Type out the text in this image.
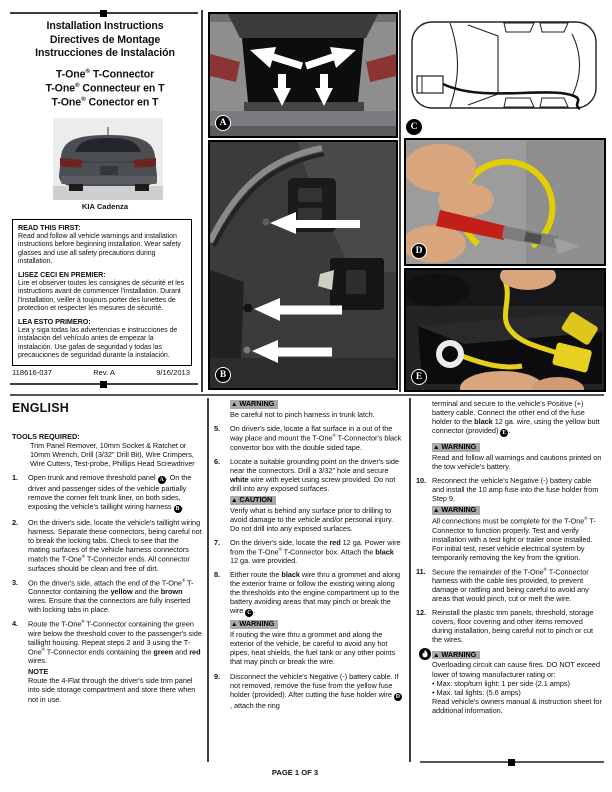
Installation Instructions
Directives de Montage
Instrucciones de Instalación
T-One® T-Connector
T-One® Connecteur en T
T-One® Conector en T
KIA Cadenza
READ THIS FIRST:
Read and follow all vehicle warnings and installation instructions before beginning installation. Wear safety glasses and use all safety precautions during installation.
LISEZ CECI EN PREMIER:
Lire et observer toutes les consignes de sécurité et les instructions avant de commencer l'installation. Durant l'installation, veiller à toujours porter des lunettes de protection et respecter les mesures de sécurité.
LEA ESTO PRIMERO:
Lea y siga todas las advertencias e instrucciones de instalación del vehículo antes de empezar la instalación. Use gafas de seguridad y todas las precauciones de seguridad durante la instalación.
118616-037	Rev. A	9/16/2013
A
B
C
D
E
ENGLISH
TOOLS REQUIRED:
Trim Panel Remover, 10mm Socket & Ratchet or 10mm Wrench, Drill (3/32" Drill Bit), Wire Crimpers, Wire Cutters, Test-probe, Phillips Head Screwdriver
1.	Open trunk and remove threshold panel A . On the driver and passenger sides of the vehicle partially remove the corner felt trunk liner, on both sides, exposing the vehicle's taillight wiring harness B .
2.	On the driver's side, locate the vehicle's taillight wiring harness. Separate these connectors, being careful not to break the locking tabs. Check to see that the mating surfaces of the vehicle harness connectors match the T-One® T-Connector ends. All connector surfaces should be clean and free of dirt.
3.	On the driver's side, attach the end of the T-One® T-Connector containing the yellow and the brown wires. Ensure that the connectors are fully inserted with locking tabs in place.
4.	Route the T-One® T-Connector containing the green wire below the threshold cover to the passenger's side taillight housing. Repeat steps 2 and 3 using the T-One® T-Connector ends containing the green and red wires.
NOTE
Route the 4-Flat through the driver's side trim panel into side storage compartment and store there when not in use.
▲ WARNING
Be careful not to pinch harness in trunk latch.
5.	On driver's side, locate a flat surface in a out of the way place and mount the T-One® T-Connector's black convertor box with the double sided tape.
6.	Locate a suitable grounding point on the driver's side near the connectors. Drill a 3/32" hole and secure white wire with eyelet using screw provided. Do not drill into any exposed surfaces.
▲ CAUTION
Verify what is behind any surface prior to drilling to avoid damage to the vehicle and/or personal injury. Do not drill into any exposed surfaces.
7.	On the driver's side, locate the red 12 ga. Power wire from the T-One® T-Connector box. Attach the black 12 ga. wire provided.
8.	Either route the black wire thru a grommet and along the exterior frame or follow the existing wiring along the thresholds into the engine compartment up to the battery avoiding areas that may pinch or break the wire C .
▲ WARNING
If routing the wire thru a grommet and along the exterior of the vehicle, be careful to avoid any hot pipes, heat shields, the fuel tank or any other points that may pinch or break the wire.
9.	Disconnect the vehicle's Negative (-) battery cable. If not removed, remove the fuse from the yellow fuse holder (provided). After cutting the fuse holder wire D, attach the ring
terminal and secure to the vehicle's Positive (+) battery cable. Connect the other end of the fuse holder to the black 12 ga. wire, using the yellow butt connector (provided) E .
▲ WARNING
Read and follow all warnings and cautions printed on the tow vehicle's battery.
10. Reconnect the vehicle's Negative (-) battery cable and install the 10 amp fuse into the fuse holder from Step 9.
▲ WARNING
All connections must be complete for the T-One® T-Connector to function properly. Test and verify installation with a test light or trailer once installed. For initial test, reset vehicle electrical system by temporarily removing the key from the ignition.
11. Secure the remainder of the T-One® T-Connector harness with the cable ties provided, to prevent damage or rattling and being careful to avoid any areas that would pinch, cut or melt the wire.
12. Reinstall the plastic trim panels, threshold, storage covers, floor covering and other items removed during installation, being careful not to pinch or cut the wires.
▲ WARNING
Overloading circuit can cause fires. DO NOT exceed lower of towing manufacturer rating or:
• Max. stop/turn light: 1 per side (2.1 amps)
• Max. tail lights: (5.6 amps)
Read vehicle's owners manual & instruction sheet for additional information.
PAGE 1 OF 3
